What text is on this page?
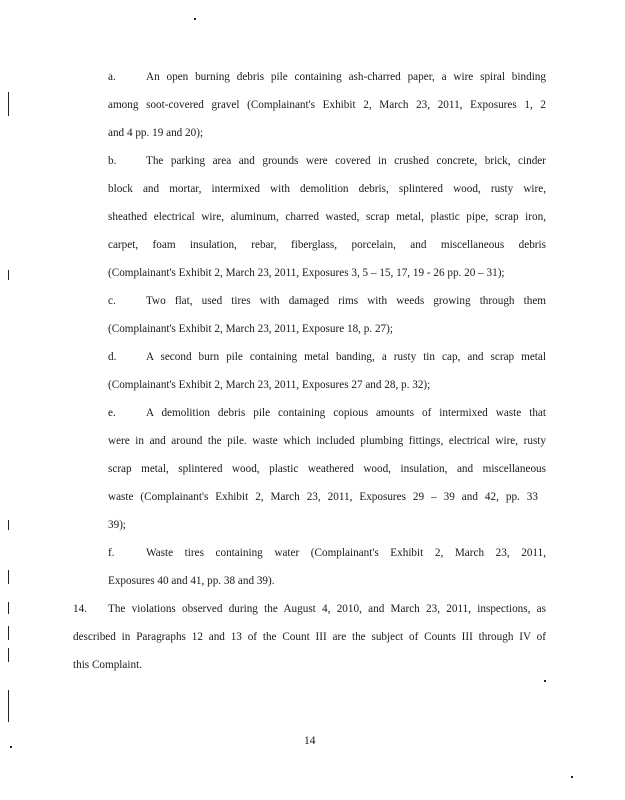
a.	An open burning debris pile containing ash-charred paper, a wire spiral binding
among soot-covered gravel (Complainant's Exhibit 2, March 23, 2011, Exposures 1, 2
and 4 pp. 19 and 20);
b.	The parking area and grounds were covered in crushed concrete, brick, cinder
block and mortar, intermixed with demolition debris, splintered wood, rusty wire,
sheathed electrical wire, aluminum, charred wasted, scrap metal, plastic pipe, scrap iron,
carpet, foam insulation, rebar, fiberglass, porcelain, and miscellaneous debris
(Complainant's Exhibit 2, March 23, 2011, Exposures 3, 5 – 15, 17, 19 - 26 pp. 20 – 31);
c.	Two flat, used tires with damaged rims with weeds growing through them
(Complainant's Exhibit 2, March 23, 2011, Exposure 18, p. 27);
d.	A second burn pile containing metal banding, a rusty tin cap, and scrap metal
(Complainant's Exhibit 2, March 23, 2011, Exposures 27 and 28, p. 32);
e.	A demolition debris pile containing copious amounts of intermixed waste that
were in and around the pile. waste which included plumbing fittings, electrical wire, rusty
scrap metal, splintered wood, plastic weathered wood, insulation, and miscellaneous
waste (Complainant's Exhibit 2, March 23, 2011, Exposures 29 – 39 and 42, pp. 33
39);
f.	Waste tires containing water (Complainant's Exhibit 2, March 23, 2011,
Exposures 40 and 41, pp. 38 and 39).
14. The violations observed during the August 4, 2010, and March 23, 2011, inspections, as
described in Paragraphs 12 and 13 of the Count III are the subject of Counts III through IV of
this Complaint.
14
